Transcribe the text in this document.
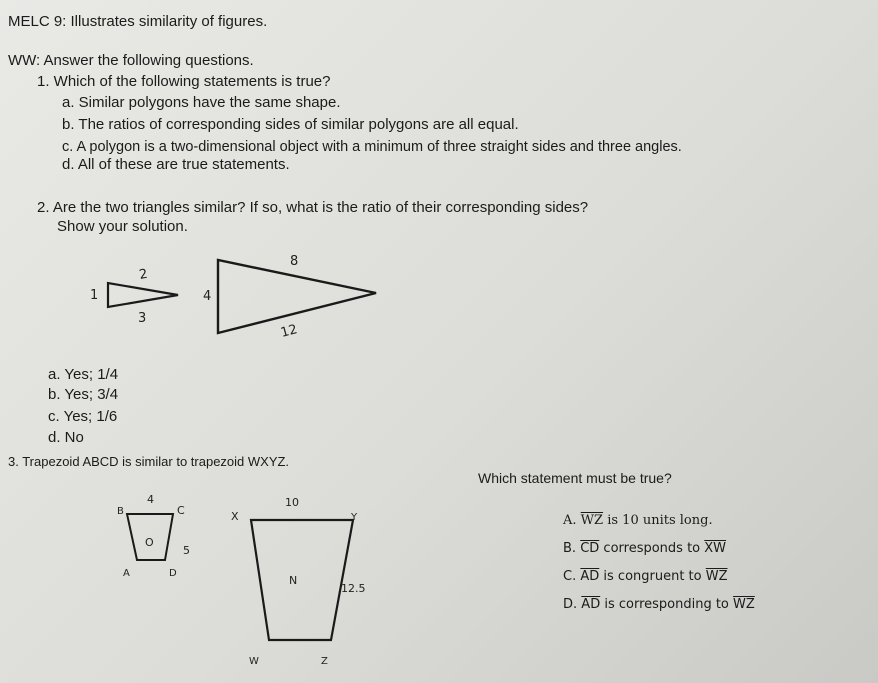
MELC 9: Illustrates similarity of figures.
WW: Answer the following questions.
1. Which of the following statements is true?
a. Similar polygons have the same shape.
b. The ratios of corresponding sides of similar polygons are all equal.
c. A polygon is a two-dimensional object with a minimum of three straight sides and three angles.
d. All of these are true statements.
2. Are the two triangles similar? If so, what is the ratio of their corresponding sides?
Show your solution.
1
2
3
4
8
12
a. Yes; 1/4
b. Yes; 3/4
c. Yes; 1/6
d. No
3. Trapezoid ABCD is similar to trapezoid WXYZ.
Which statement must be true?
B	C
A	D
O
4
5
X	Y
W	Z
N
10
12.5
A. $\overline{WZ}$ is 10 units long.
B. $\overline{CD}$ corresponds to $\overline{XW}$
C. $\overline{AD}$ is congruent to $\overline{WZ}$
D. $\overline{AD}$ is corresponding to $\overline{WZ}$
